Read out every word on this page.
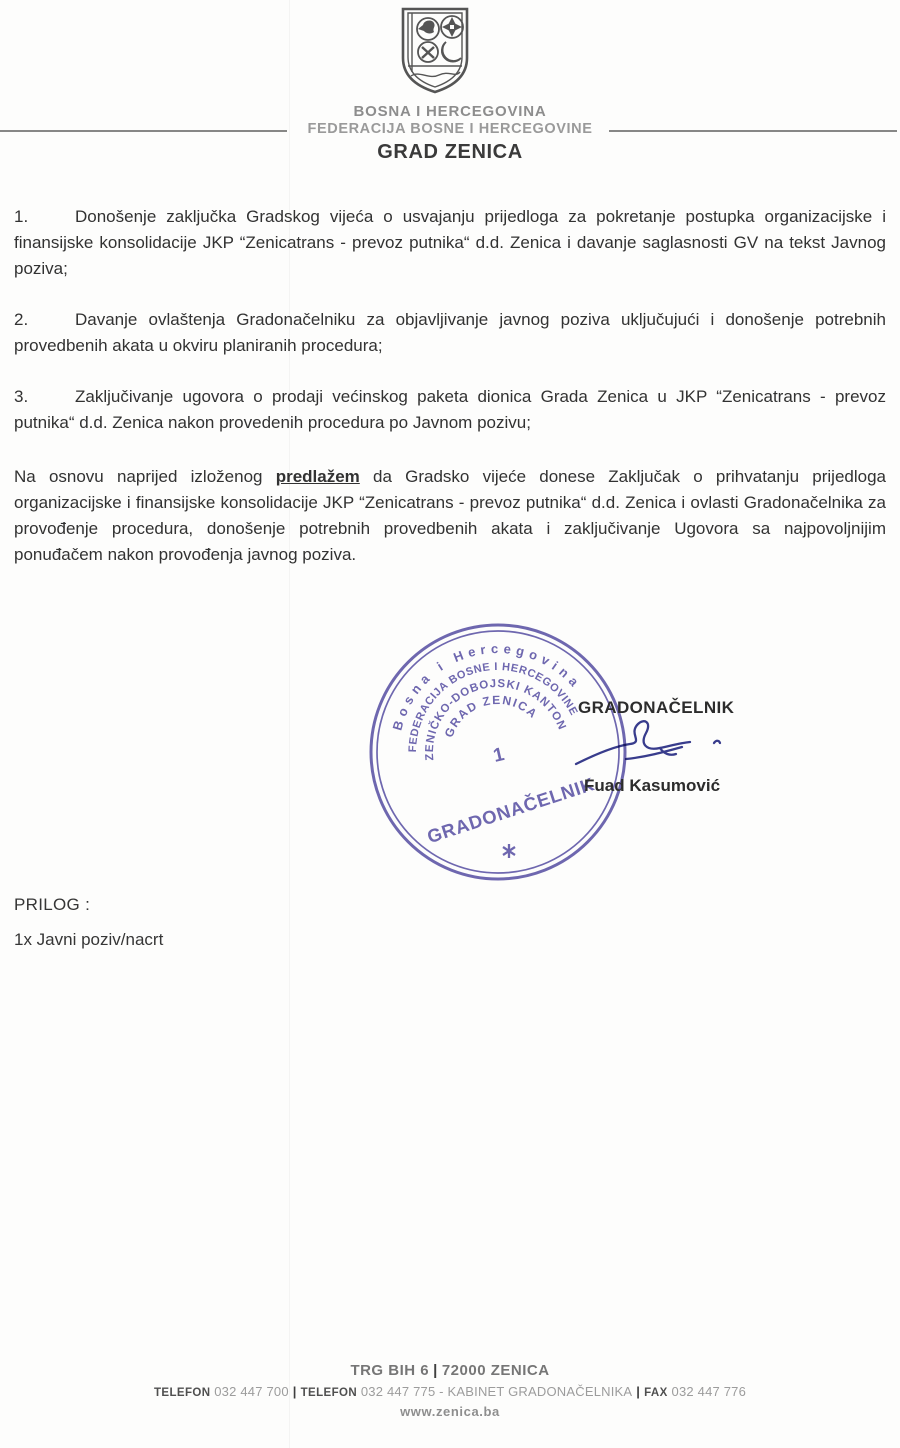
BOSNA I HERCEGOVINA
FEDERACIJA BOSNE I HERCEGOVINE
GRAD ZENICA

1.	Donošenje zaključka Gradskog vijeća o usvajanju prijedloga za pokretanje postupka organizacijske i finansijske konsolidacije JKP “Zenicatrans - prevoz putnika“ d.d. Zenica i davanje saglasnosti GV na tekst Javnog poziva;

2.	Davanje ovlaštenja Gradonačelniku za objavljivanje javnog poziva uključujući i donošenje potrebnih provedbenih akata u okviru planiranih procedura;

3.	Zaključivanje ugovora o prodaji većinskog paketa dionica Grada Zenica u JKP “Zenicatrans - prevoz putnika“ d.d. Zenica nakon provedenih procedura po Javnom pozivu;

Na osnovu naprijed izloženog predlažem da Gradsko vijeće donese Zaključak o prihvatanju prijedloga organizacijske i finansijske konsolidacije JKP “Zenicatrans - prevoz putnika“ d.d. Zenica i ovlasti Gradonačelnika za provođenje procedura, donošenje potrebnih provedbenih akata i zaključivanje Ugovora sa najpovoljnijim ponuđačem nakon provođenja javnog poziva.

Bosna i Hercegovina
FEDERACIJA BOSNE I HERCEGOVINE
ZENIČKO-DOBOJSKI KANTON
GRAD ZENICA
1
GRADONAČELNIK
GRADONAČELNIK
Fuad Kasumović
PRILOG :
1x Javni poziv/nacrt
TRG BIH 6 | 72000 ZENICA
TELEFON 032 447 700 | TELEFON 032 447 775 - KABINET GRADONAČELNIKA | FAX 032 447 776
www.zenica.ba
